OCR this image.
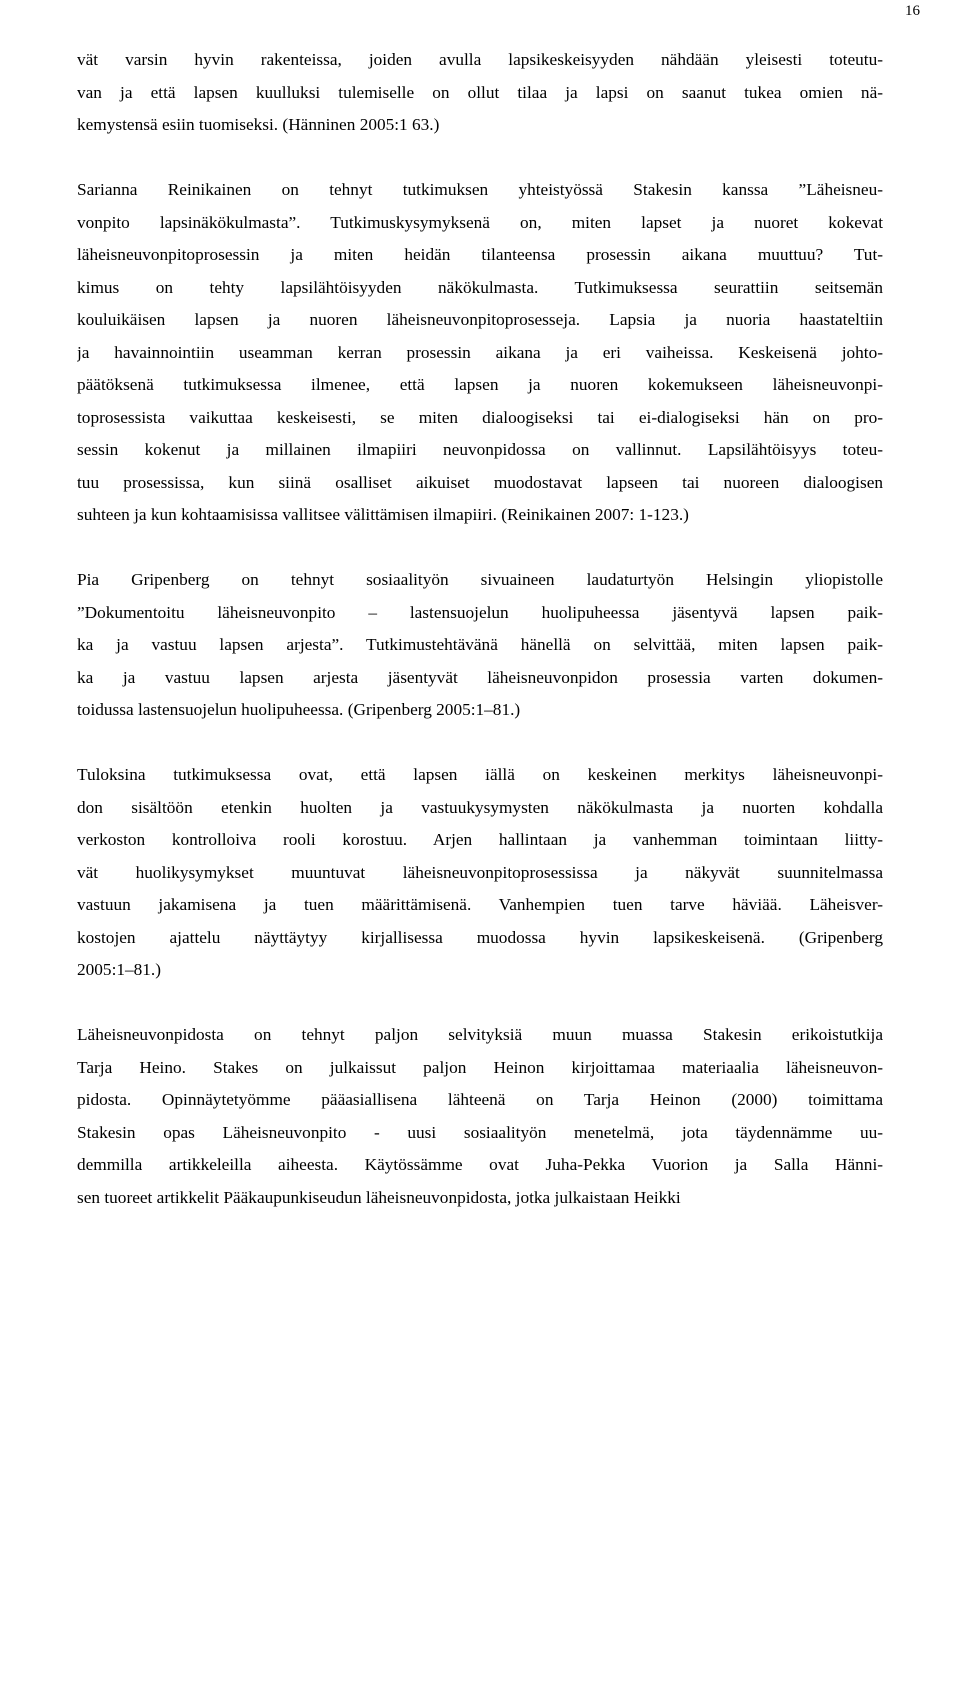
16
vät varsin hyvin rakenteissa, joiden avulla lapsikeskeisyyden nähdään yleisesti toteutu-
van ja että lapsen kuulluksi tulemiselle on ollut tilaa ja lapsi on saanut tukea omien nä-
kemystensä esiin tuomiseksi. (Hänninen 2005:1 63.)
Sarianna Reinikainen on tehnyt tutkimuksen yhteistyössä Stakesin kanssa ”Läheisneu-
vonpito lapsinäkökulmasta”. Tutkimuskysymyksenä on, miten lapset ja nuoret kokevat
läheisneuvonpitoprosessin ja miten heidän tilanteensa prosessin aikana muuttuu? Tut-
kimus on tehty lapsilähtöisyyden näkökulmasta. Tutkimuksessa seurattiin seitsemän
kouluikäisen lapsen ja nuoren läheisneuvonpitoprosesseja. Lapsia ja nuoria haastateltiin
ja havainnointiin useamman kerran prosessin aikana ja eri vaiheissa. Keskeisenä johto-
päätöksenä tutkimuksessa ilmenee, että lapsen ja nuoren kokemukseen läheisneuvonpi-
toprosessista vaikuttaa keskeisesti, se miten dialoogiseksi tai ei-dialogiseksi hän on pro-
sessin kokenut ja millainen ilmapiiri neuvonpidossa on vallinnut. Lapsilähtöisyys toteu-
tuu prosessissa, kun siinä osalliset aikuiset muodostavat lapseen tai nuoreen dialoogisen
suhteen ja kun kohtaamisissa vallitsee välittämisen ilmapiiri. (Reinikainen 2007: 1-123.)
Pia Gripenberg on tehnyt sosiaalityön sivuaineen laudaturtyön Helsingin yliopistolle
”Dokumentoitu läheisneuvonpito – lastensuojelun huolipuheessa jäsentyvä lapsen paik-
ka ja vastuu lapsen arjesta”. Tutkimustehtävänä hänellä on selvittää, miten lapsen paik-
ka ja vastuu lapsen arjesta jäsentyvät läheisneuvonpidon prosessia varten dokumen-
toidussa lastensuojelun huolipuheessa. (Gripenberg 2005:1–81.)
Tuloksina tutkimuksessa ovat, että lapsen iällä on keskeinen merkitys läheisneuvonpi-
don sisältöön etenkin huolten ja vastuukysymysten näkökulmasta ja nuorten kohdalla
verkoston kontrolloiva rooli korostuu. Arjen hallintaan ja vanhemman toimintaan liitty-
vät huolikysymykset muuntuvat läheisneuvonpitoprosessissa ja näkyvät suunnitelmassa
vastuun jakamisena ja tuen määrittämisenä. Vanhempien tuen tarve häviää. Läheisver-
kostojen ajattelu näyttäytyy kirjallisessa muodossa hyvin lapsikeskeisenä. (Gripenberg
2005:1–81.)
Läheisneuvonpidosta on tehnyt paljon selvityksiä muun muassa Stakesin erikoistutkija
Tarja Heino. Stakes on julkaissut paljon Heinon kirjoittamaa materiaalia läheisneuvon-
pidosta. Opinnäytetyömme pääasiallisena lähteenä on Tarja Heinon (2000) toimittama
Stakesin opas Läheisneuvonpito - uusi sosiaalityön menetelmä, jota täydennämme uu-
demmilla artikkeleilla aiheesta. Käytössämme ovat Juha-Pekka Vuorion ja Salla Hänni-
sen tuoreet artikkelit Pääkaupunkiseudun läheisneuvonpidosta, jotka julkaistaan Heikki
